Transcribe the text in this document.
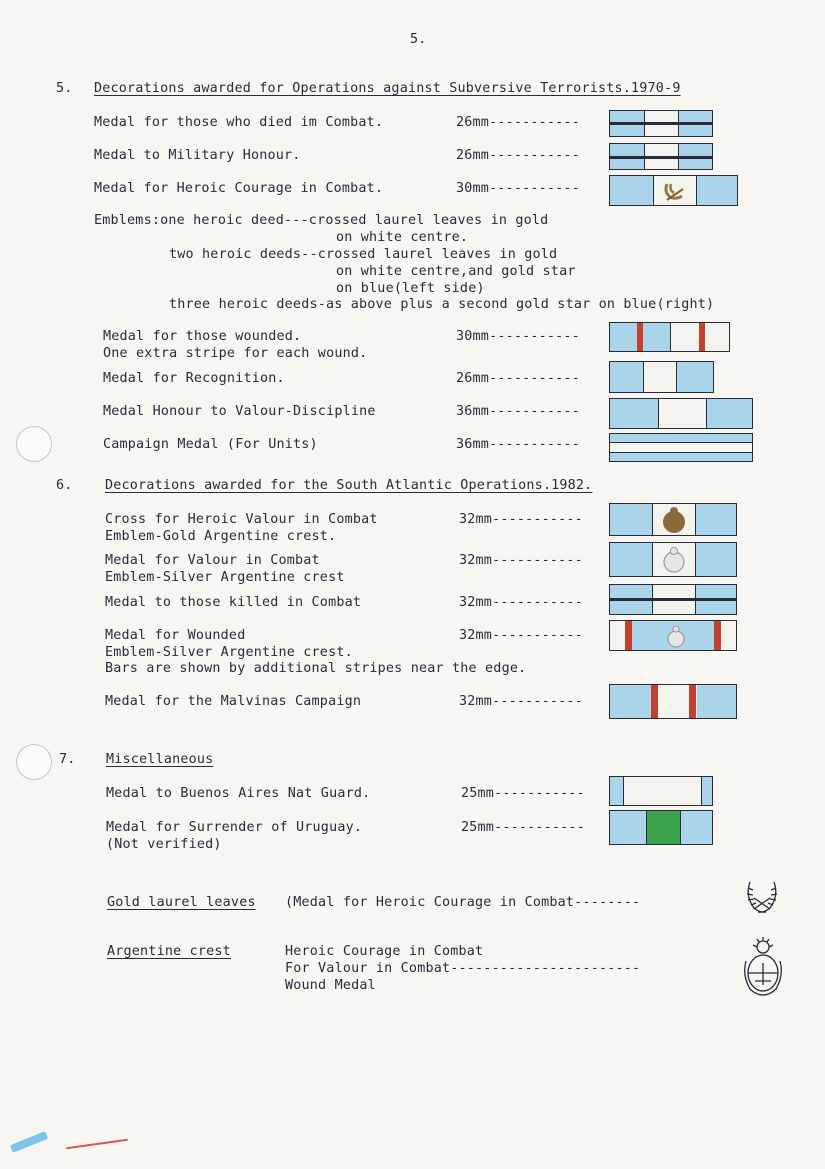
5.
5. Decorations awarded for Operations against Subversive Terrorists.1970-9
Medal for those who died im Combat.	26mm-----------
Medal to Military Honour.	26mm-----------
Medal for Heroic Courage in Combat.	30mm-----------
Emblems:one heroic deed---crossed laurel leaves in gold
on white centre.
two heroic deeds--crossed laurel leaves in gold
on white centre,and gold star
on blue(left side)
three heroic deeds-as above plus a second gold star on blue(right)
Medal for those wounded.
One extra stripe for each wound.
30mm-----------
Medal for Recognition.	26mm-----------
Medal Honour to Valour-Discipline	36mm-----------
Campaign Medal (For Units)	36mm-----------
6. Decorations awarded for the South Atlantic Operations.1982.
Cross for Heroic Valour in Combat
Emblem-Gold Argentine crest.
32mm-----------
Medal for Valour in Combat
Emblem-Silver Argentine crest
32mm-----------
Medal to those killed in Combat	32mm-----------
Medal for Wounded
Emblem-Silver Argentine crest.
Bars are shown by additional stripes near the edge.
32mm-----------
Medal for the Malvinas Campaign	32mm-----------
7. Miscellaneous
Medal to Buenos Aires Nat Guard.	25mm-----------
Medal for Surrender of Uruguay.
(Not verified)
25mm-----------
Gold laurel leaves (Medal for Heroic Courage in Combat--------
Argentine crest	Heroic Courage in Combat
For Valour in Combat-----------------------
Wound Medal
